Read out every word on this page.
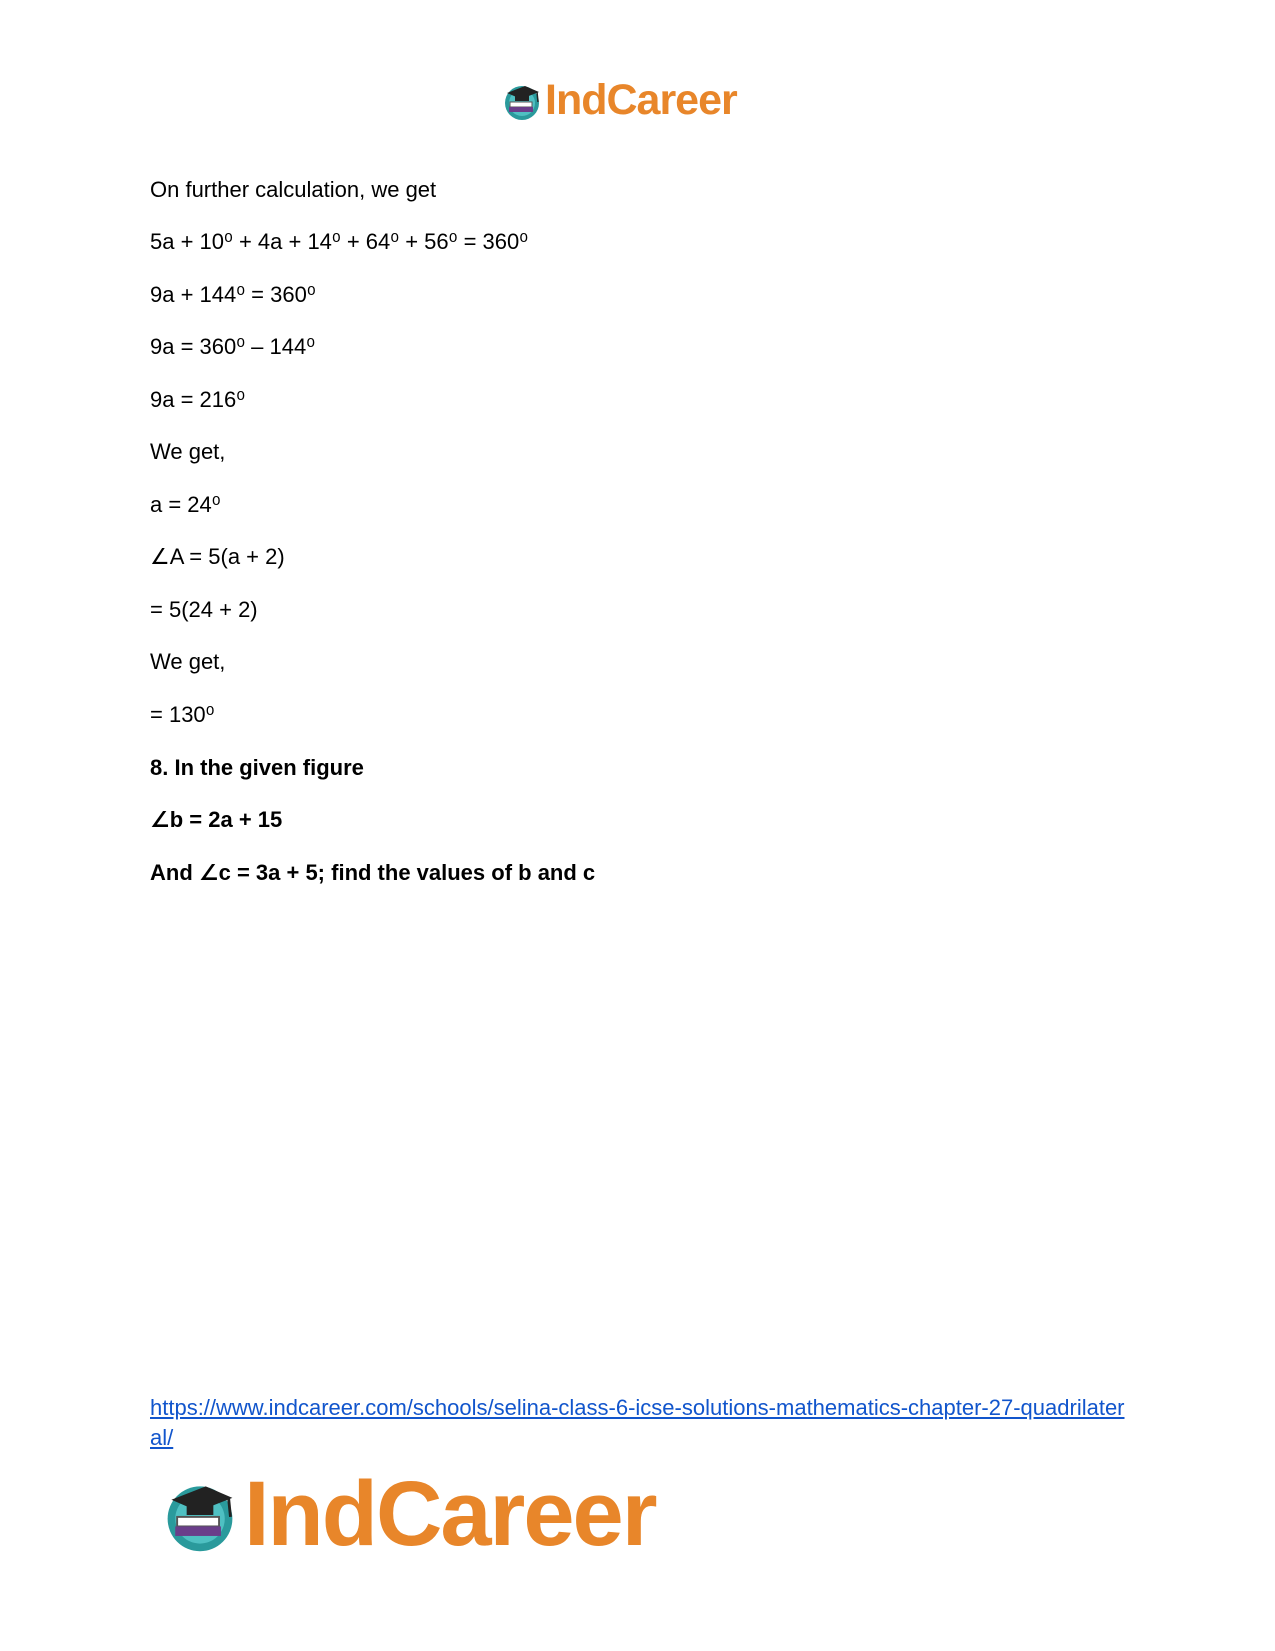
IndCareer
On further calculation, we get
5a + 10⁰ + 4a + 14⁰ + 64⁰ + 56⁰ = 360⁰
9a + 144⁰ = 360⁰
9a = 360⁰ – 144⁰
9a = 216⁰
We get,
a = 24⁰
∠A = 5(a + 2)
= 5(24 + 2)
We get,
= 130⁰
8. In the given figure
∠b = 2a + 15
And ∠c = 3a + 5; find the values of b and c
https://www.indcareer.com/schools/selina-class-6-icse-solutions-mathematics-chapter-27-quadrilateral/
IndCareer
